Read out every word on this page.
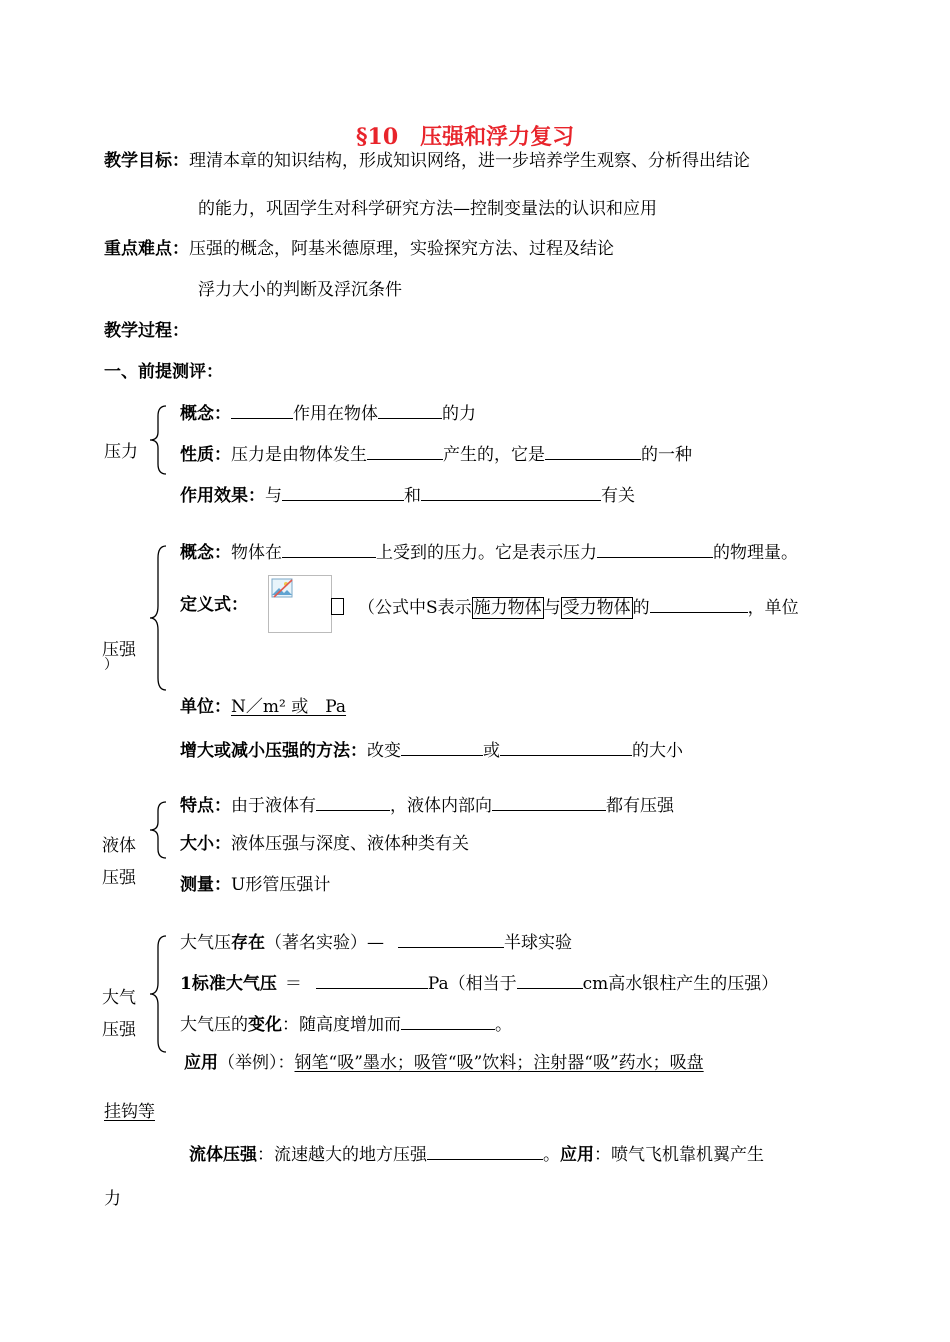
§10　压强和浮力复习
教学目标：理清本章的知识结构，形成知识网络，进一步培养学生观察、分析得出结论
的能力，巩固学生对科学研究方法—控制变量法的认识和应用
重点难点：压强的概念，阿基米德原理，实验探究方法、过程及结论
浮力大小的判断及浮沉条件
教学过程：
一、前提测评：
压力
概念：	作用在物体	的力
性质：压力是由物体发生	产生的，它是	的一种
作用效果：与	和	有关
压强
）
概念：物体在	上受到的压力。它是表示压力	的物理量。
定义式：	（公式中S表示 施力物体 与 受力物体 的	，单位
单位：N／m² 或　Pa
增大或减小压强的方法：改变	或	的大小
液体
压强
特点：由于液体有	，液体内部向	都有压强
大小：液体压强与深度、液体种类有关
测量：U形管压强计
大气
压强
大气压存在（著名实验）—	半球实验
1标准大气压 ＝	Pa（相当于	cm高水银柱产生的压强）
大气压的变化：随高度增加而	。
应用（举例）：钢笔“吸”墨水；吸管“吸”饮料；注射器“吸”药水；吸盘
挂钩等
流体压强：流速越大的地方压强	。应用：喷气飞机靠机翼产生
力
